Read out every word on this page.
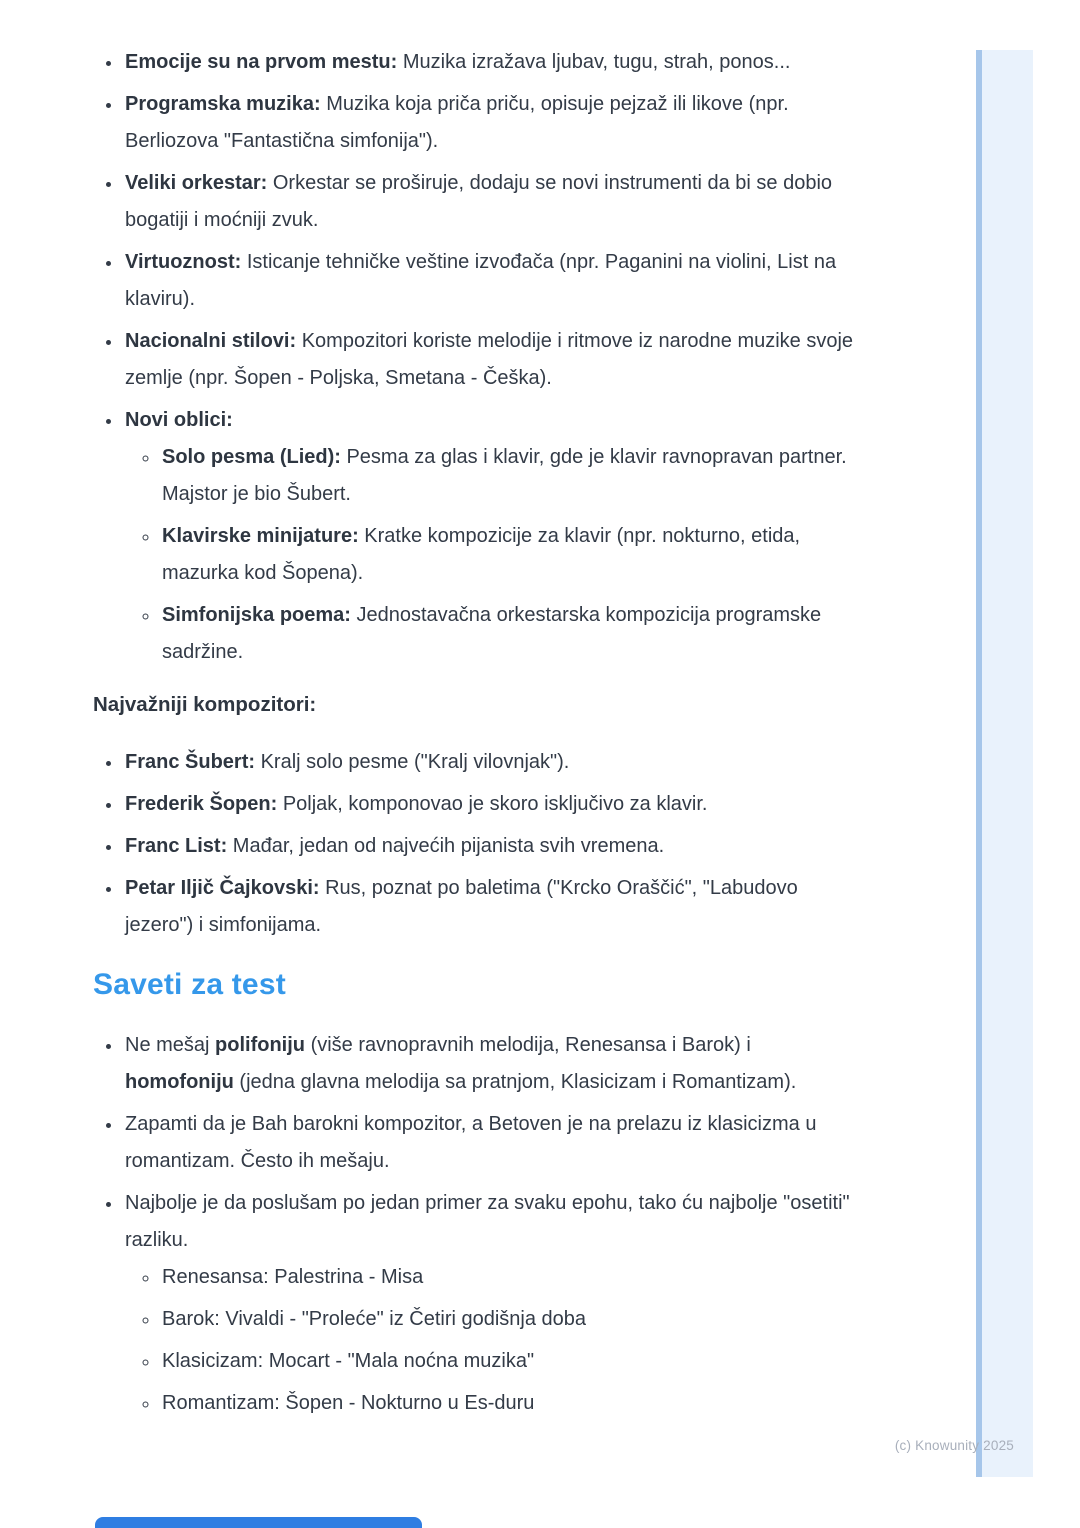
• Emocije su na prvom mestu: Muzika izražava ljubav, tugu, strah, ponos...
• Programska muzika: Muzika koja priča priču, opisuje pejzaž ili likove (npr. Berliozova "Fantastična simfonija").
• Veliki orkestar: Orkestar se proširuje, dodaju se novi instrumenti da bi se dobio bogatiji i moćniji zvuk.
• Virtuoznost: Isticanje tehničke veštine izvođača (npr. Paganini na violini, List na klaviru).
• Nacionalni stilovi: Kompozitori koriste melodije i ritmove iz narodne muzike svoje zemlje (npr. Šopen - Poljska, Smetana - Češka).
• Novi oblici:
◦ Solo pesma (Lied): Pesma za glas i klavir, gde je klavir ravnopravan partner. Majstor je bio Šubert.
◦ Klavirske minijature: Kratke kompozicije za klavir (npr. nokturno, etida, mazurka kod Šopena).
◦ Simfonijska poema: Jednostavačna orkestarska kompozicija programske sadržine.
Najvažniji kompozitori:
• Franc Šubert: Kralj solo pesme ("Kralj vilovnjak").
• Frederik Šopen: Poljak, komponovao je skoro isključivo za klavir.
• Franc List: Mađar, jedan od najvećih pijanista svih vremena.
• Petar Iljič Čajkovski: Rus, poznat po baletima ("Krcko Oraščić", "Labudovo jezero") i simfonijama.
Saveti za test
• Ne mešaj polifoniju (više ravnopravnih melodija, Renesansa i Barok) i homofoniju (jedna glavna melodija sa pratnjom, Klasicizam i Romantizam).
• Zapamti da je Bah barokni kompozitor, a Betoven je na prelazu iz klasicizma u romantizam. Često ih mešaju.
• Najbolje je da poslušam po jedan primer za svaku epohu, tako ću najbolje "osetiti" razliku.
◦ Renesansa: Palestrina - Misa
◦ Barok: Vivaldi - "Proleće" iz Četiri godišnja doba
◦ Klasicizam: Mocart - "Mala noćna muzika"
◦ Romantizam: Šopen - Nokturno u Es-duru
(c) Knowunity 2025
